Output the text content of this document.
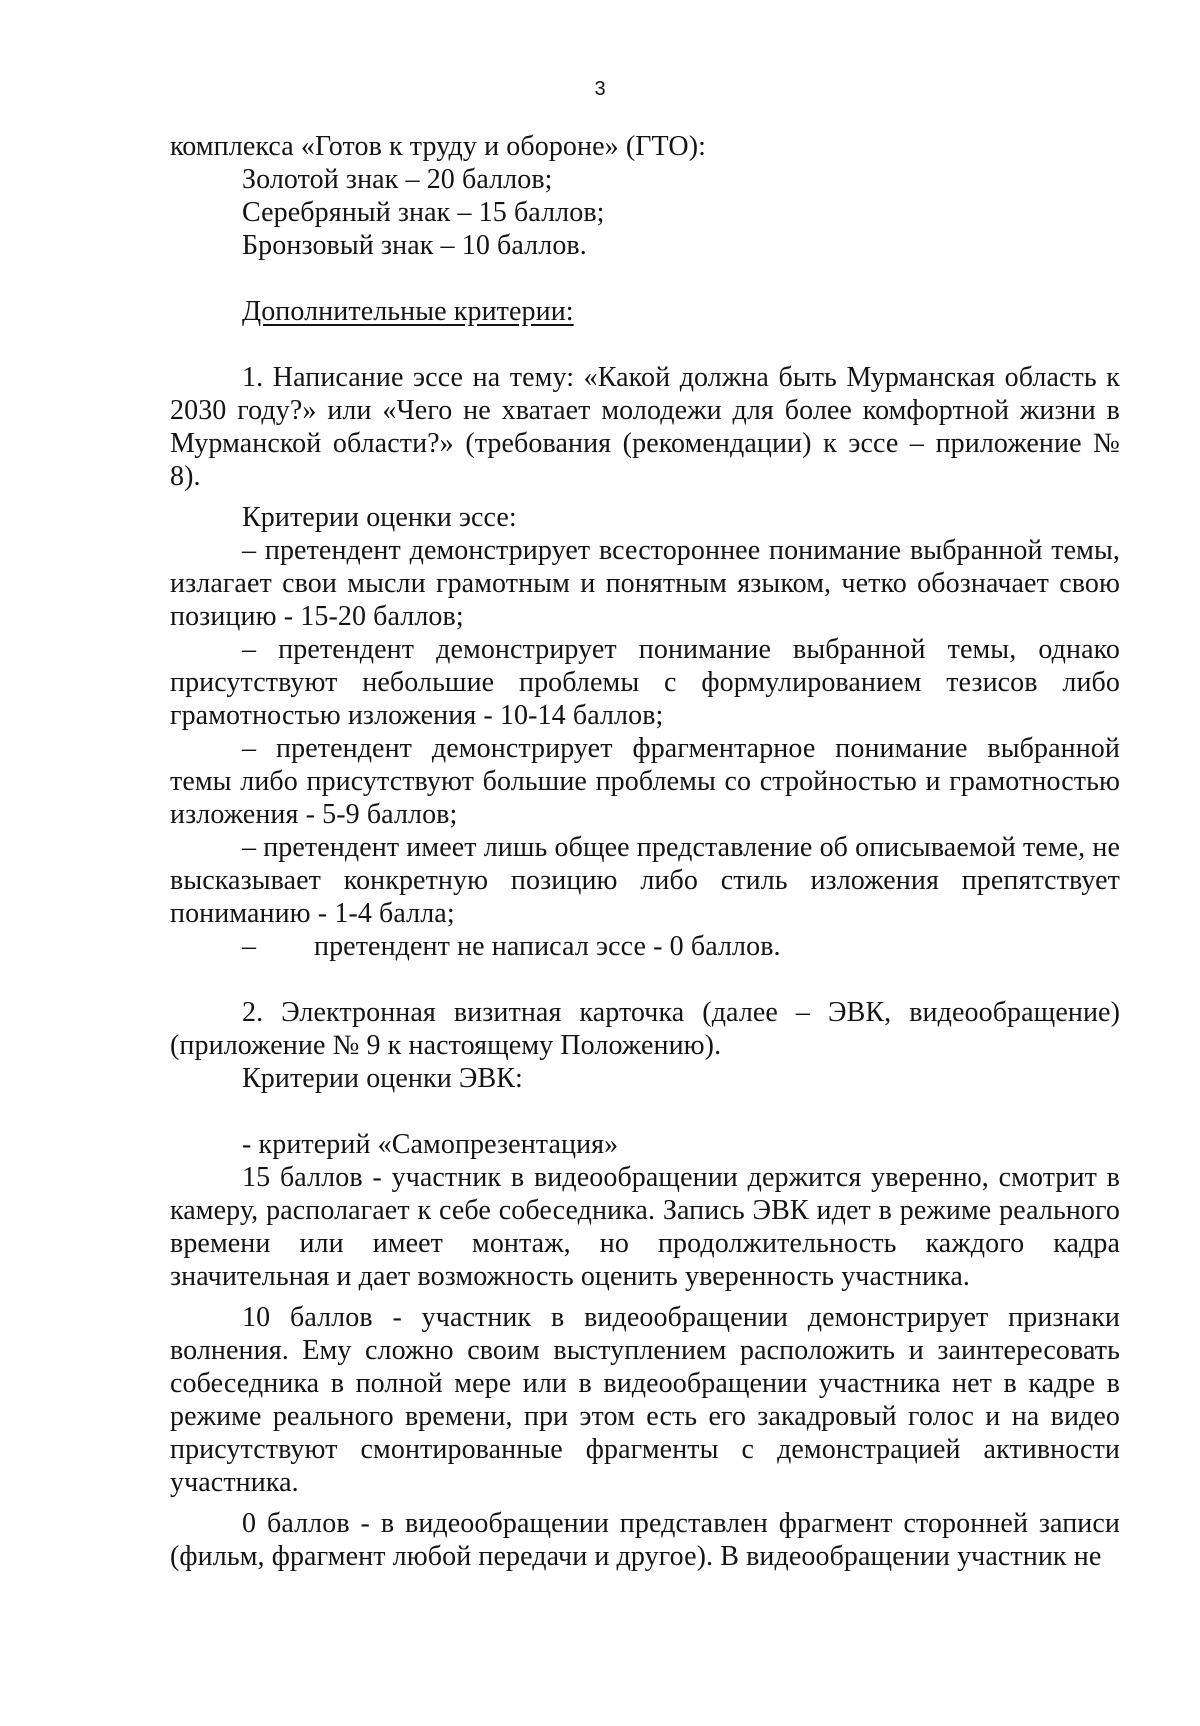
3

комплекса «Готов к труду и обороне» (ГТО):

Золотой знак – 20 баллов;

Серебряный знак – 15 баллов;

Бронзовый знак – 10 баллов.

Дополнительные критерии:

1. Написание эссе на тему: «Какой должна быть Мурманская область к 2030 году?» или «Чего не хватает молодежи для более комфортной жизни в Мурманской области?» (требования (рекомендации) к эссе – приложение № 8).

Критерии оценки эссе:

– претендент демонстрирует всестороннее понимание выбранной темы, излагает свои мысли грамотным и понятным языком, четко обозначает свою позицию - 15-20 баллов;

– претендент демонстрирует понимание выбранной темы, однако присутствуют небольшие проблемы с формулированием тезисов либо грамотностью изложения - 10-14 баллов;

– претендент демонстрирует фрагментарное понимание выбранной темы либо присутствуют большие проблемы со стройностью и грамотностью изложения - 5-9 баллов;

– претендент имеет лишь общее представление об описываемой теме, не высказывает конкретную позицию либо стиль изложения препятствует пониманию - 1-4 балла;

–	претендент не написал эссе - 0 баллов.

2. Электронная визитная карточка (далее – ЭВК, видеообращение) (приложение № 9 к настоящему Положению).

Критерии оценки ЭВК:

- критерий «Самопрезентация»

15 баллов - участник в видеообращении держится уверенно, смотрит в камеру, располагает к себе собеседника. Запись ЭВК идет в режиме реального времени или имеет монтаж, но продолжительность каждого кадра значительная и дает возможность оценить уверенность участника.

10 баллов - участник в видеообращении демонстрирует признаки волнения. Ему сложно своим выступлением расположить и заинтересовать собеседника в полной мере или в видеообращении участника нет в кадре в режиме реального времени, при этом есть его закадровый голос и на видео присутствуют смонтированные фрагменты с демонстрацией активности участника.

0 баллов - в видеообращении представлен фрагмент сторонней записи (фильм, фрагмент любой передачи и другое). В видеообращении участник не
